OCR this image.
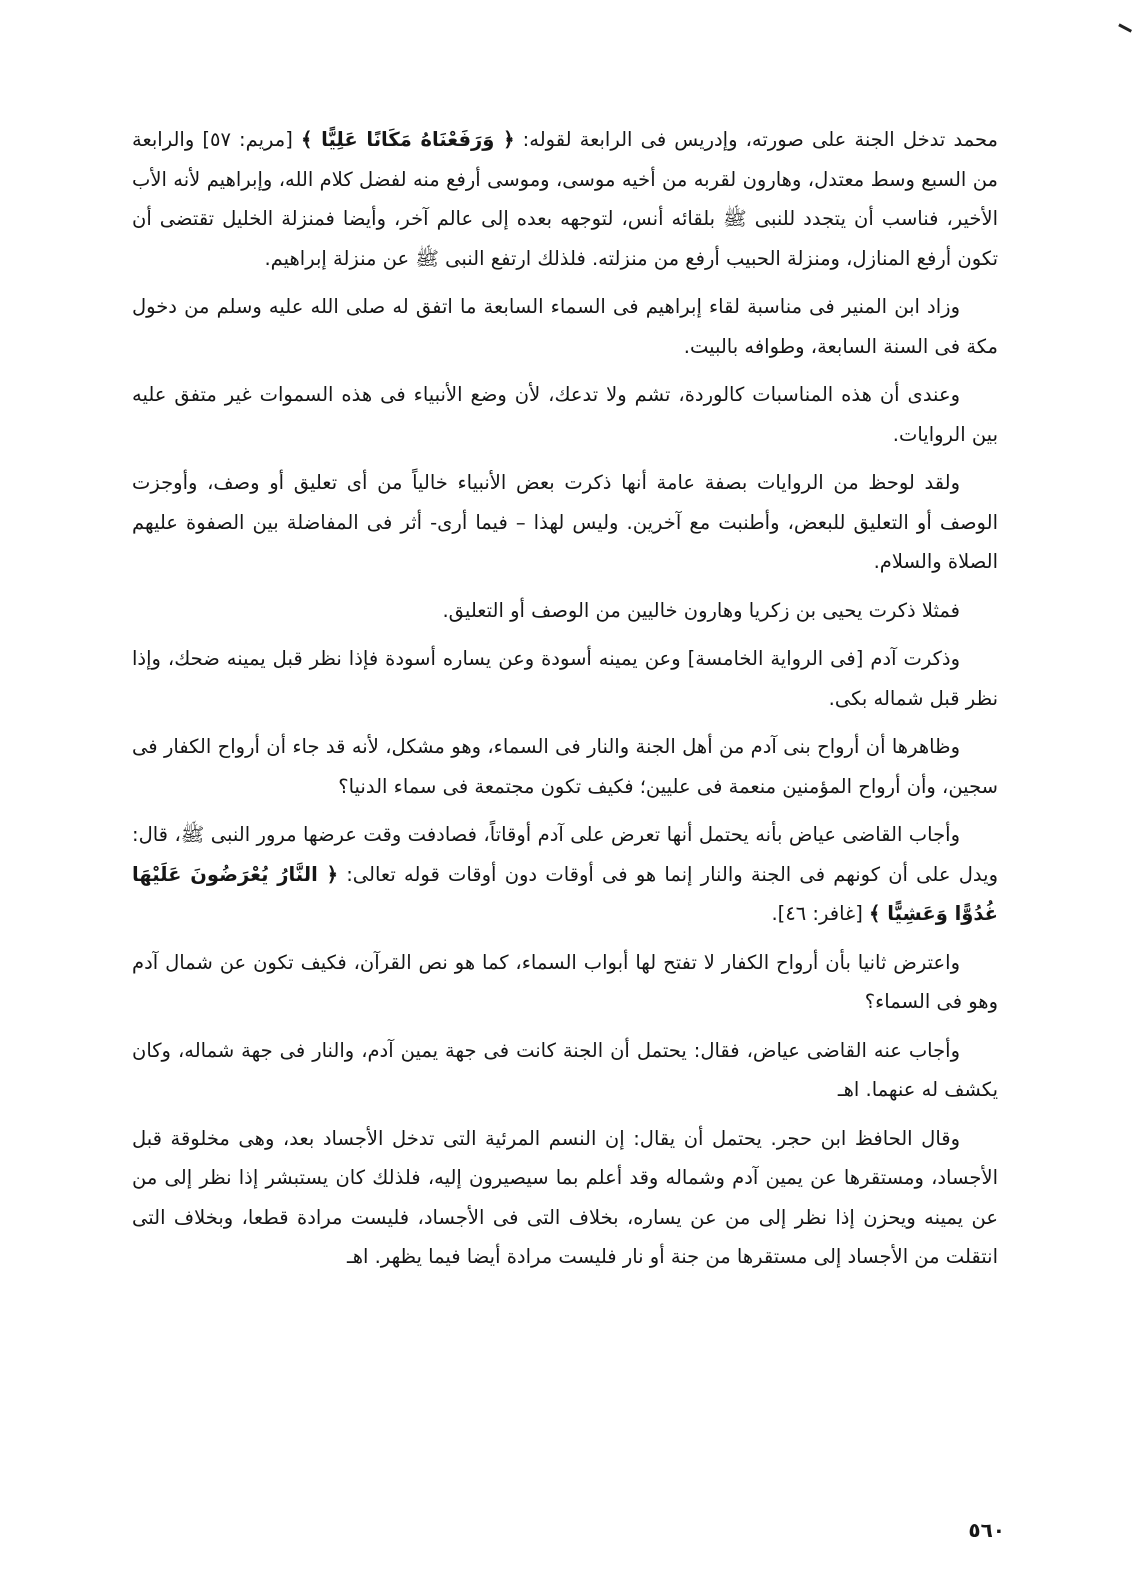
محمد تدخل الجنة على صورته، وإدريس فى الرابعة لقوله: ﴿ وَرَفَعْنَاهُ مَكَانًا عَلِيًّا ﴾ [مريم: ٥٧] والرابعة من السبع وسط معتدل، وهارون لقربه من أخيه موسى، وموسى أرفع منه لفضل كلام الله، وإبراهيم لأنه الأب الأخير، فناسب أن يتجدد للنبى ﷺ بلقائه أنس، لتوجهه بعده إلى عالم آخر، وأيضا فمنزلة الخليل تقتضى أن تكون أرفع المنازل، ومنزلة الحبيب أرفع من منزلته. فلذلك ارتفع النبى ﷺ عن منزلة إبراهيم.

وزاد ابن المنير فى مناسبة لقاء إبراهيم فى السماء السابعة ما اتفق له صلى الله عليه وسلم من دخول مكة فى السنة السابعة، وطوافه بالبيت.

وعندى أن هذه المناسبات كالوردة، تشم ولا تدعك، لأن وضع الأنبياء فى هذه السموات غير متفق عليه بين الروايات.

ولقد لوحظ من الروايات بصفة عامة أنها ذكرت بعض الأنبياء خالياً من أى تعليق أو وصف، وأوجزت الوصف أو التعليق للبعض، وأطنبت مع آخرين. وليس لهذا – فيما أرى- أثر فى المفاضلة بين الصفوة عليهم الصلاة والسلام.

فمثلا ذكرت يحيى بن زكريا وهارون خاليين من الوصف أو التعليق.

وذكرت آدم [فى الرواية الخامسة] وعن يمينه أسودة وعن يساره أسودة فإذا نظر قبل يمينه ضحك، وإذا نظر قبل شماله بكى.

وظاهرها أن أرواح بنى آدم من أهل الجنة والنار فى السماء، وهو مشكل، لأنه قد جاء أن أرواح الكفار فى سجين، وأن أرواح المؤمنين منعمة فى عليين؛ فكيف تكون مجتمعة فى سماء الدنيا؟

وأجاب القاضى عياض بأنه يحتمل أنها تعرض على آدم أوقاتاً، فصادفت وقت عرضها مرور النبى ﷺ، قال: ويدل على أن كونهم فى الجنة والنار إنما هو فى أوقات دون أوقات قوله تعالى: ﴿ النَّارُ يُعْرَضُونَ عَلَيْهَا غُدُوًّا وَعَشِيًّا ﴾ [غافر: ٤٦].

واعترض ثانيا بأن أرواح الكفار لا تفتح لها أبواب السماء، كما هو نص القرآن، فكيف تكون عن شمال آدم وهو فى السماء؟

وأجاب عنه القاضى عياض، فقال: يحتمل أن الجنة كانت فى جهة يمين آدم، والنار فى جهة شماله، وكان يكشف له عنهما. اهـ

وقال الحافظ ابن حجر. يحتمل أن يقال: إن النسم المرئية التى تدخل الأجساد بعد، وهى مخلوقة قبل الأجساد، ومستقرها عن يمين آدم وشماله وقد أعلم بما سيصيرون إليه، فلذلك كان يستبشر إذا نظر إلى من عن يمينه ويحزن إذا نظر إلى من عن يساره، بخلاف التى فى الأجساد، فليست مرادة قطعا، وبخلاف التى انتقلت من الأجساد إلى مستقرها من جنة أو نار فليست مرادة أيضا فيما يظهر. اهـ

٥٦٠
